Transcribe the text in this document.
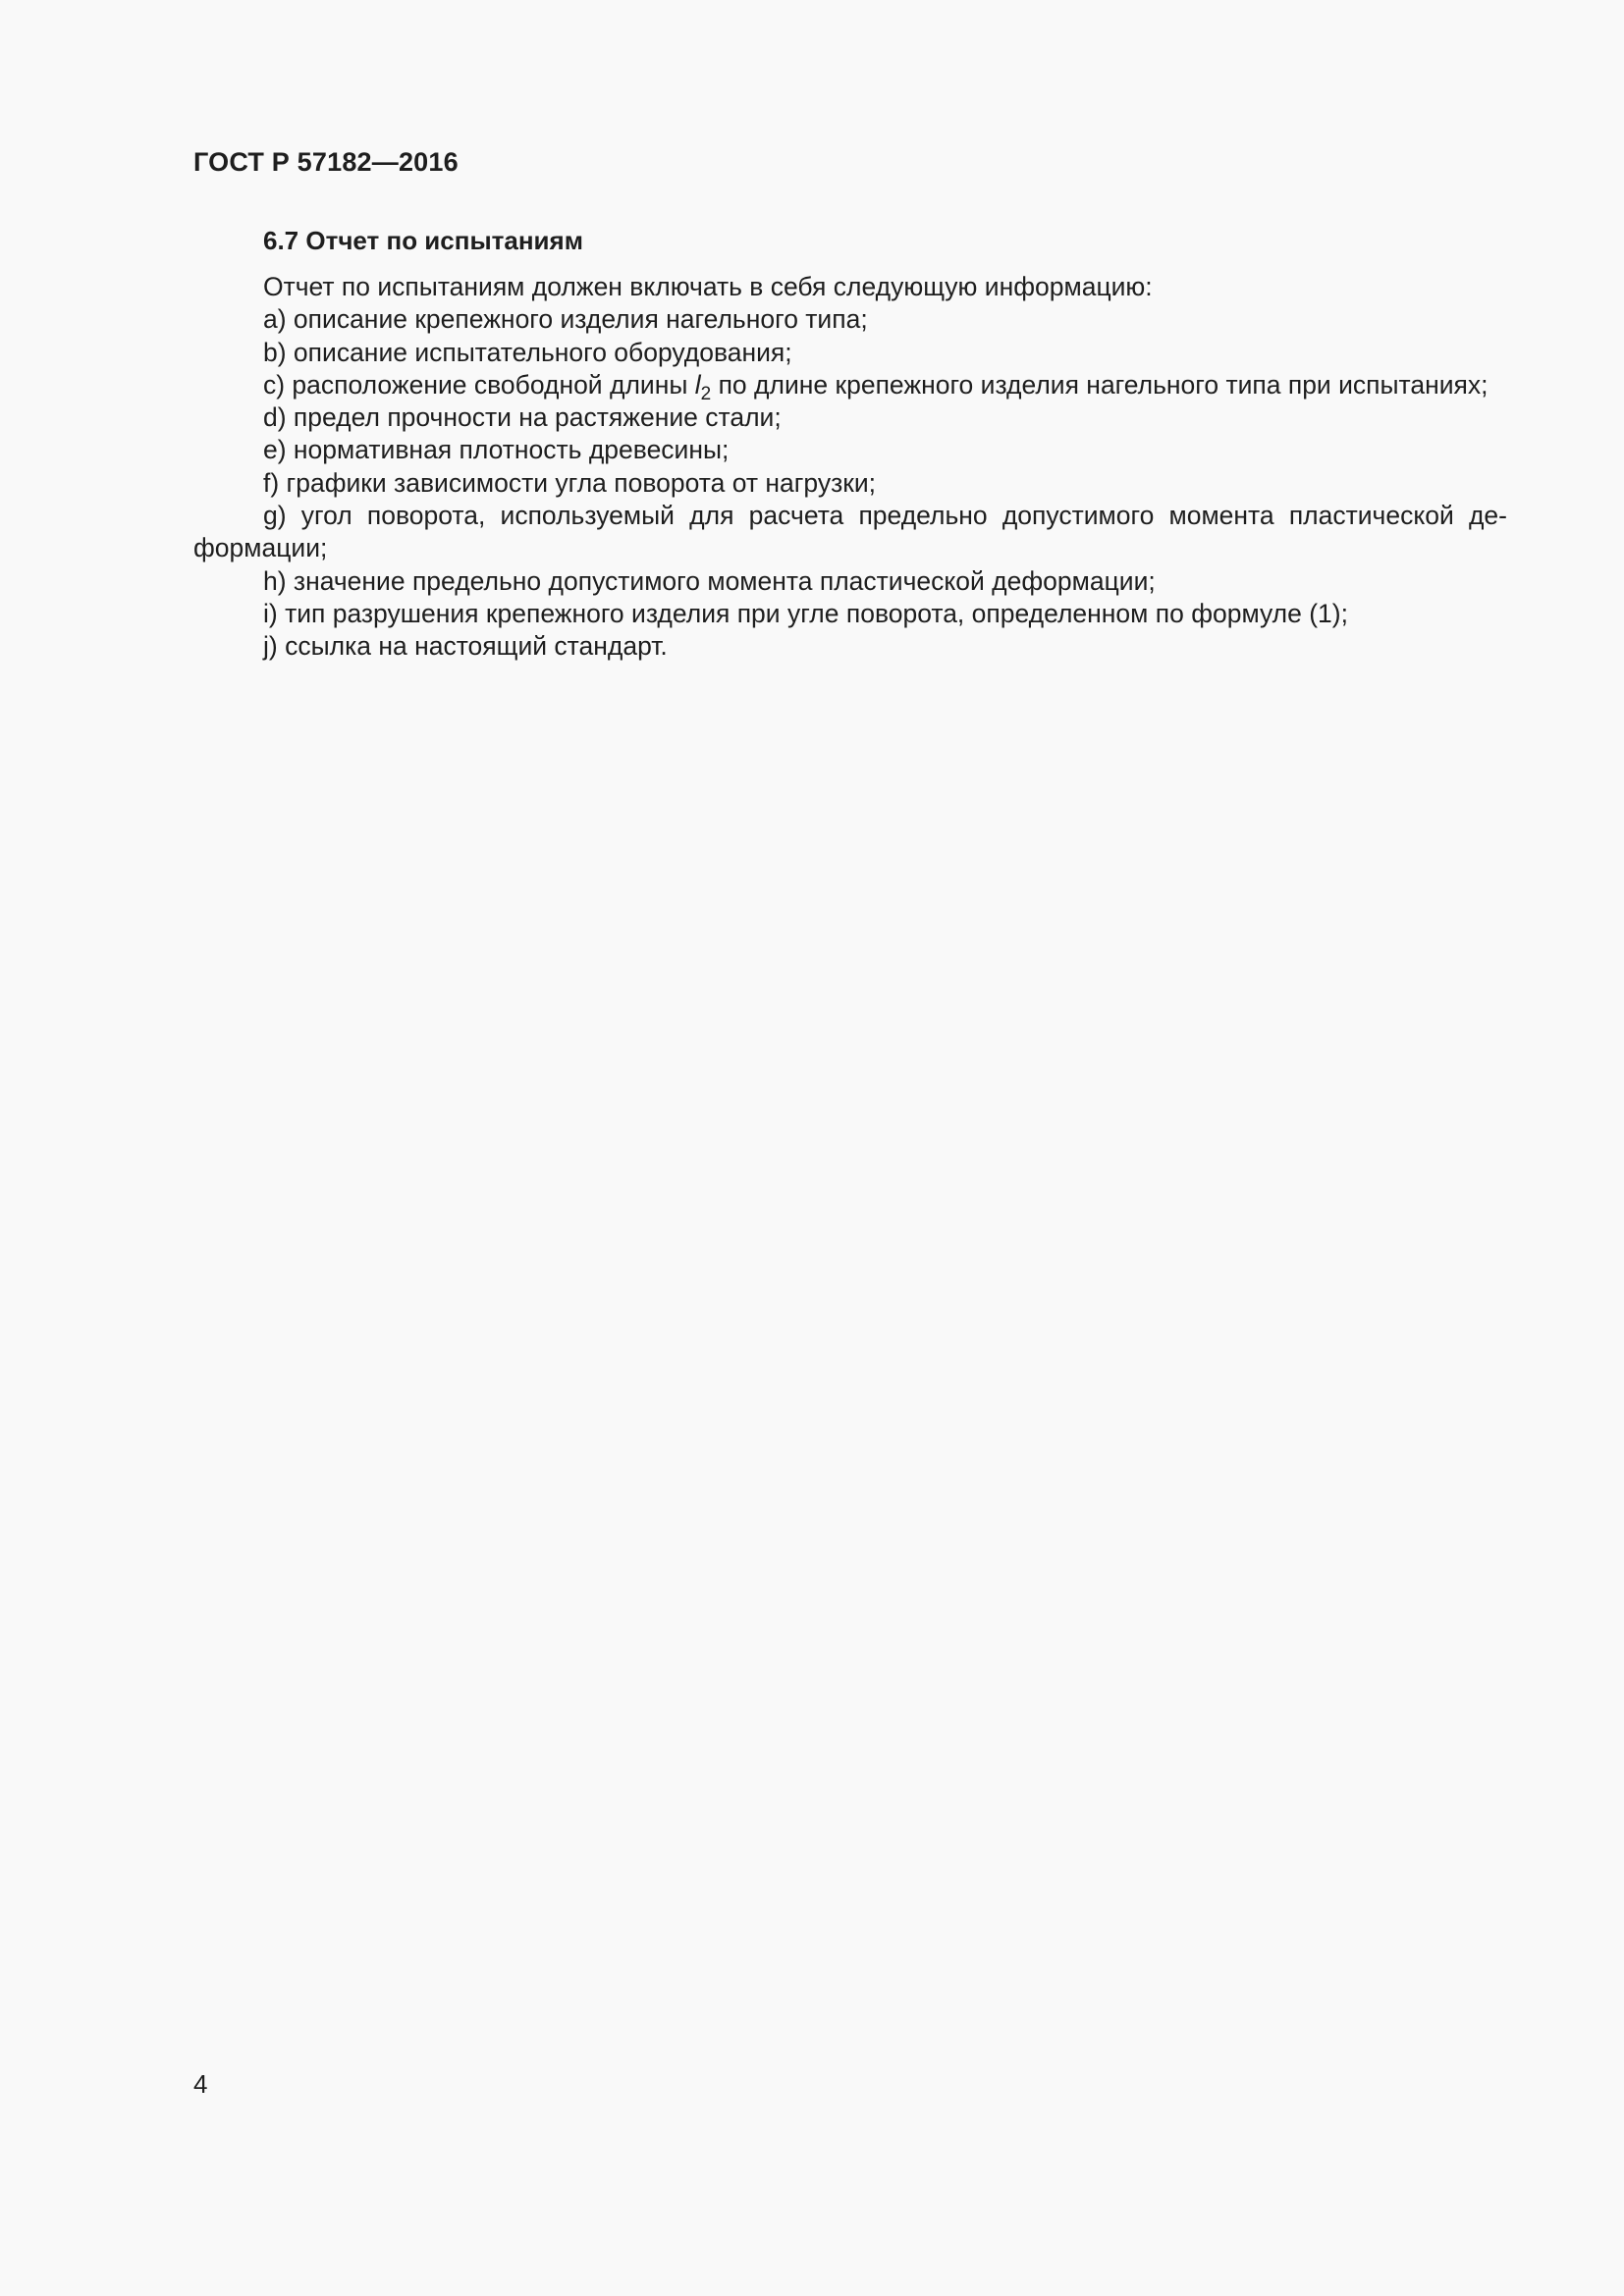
ГОСТ Р 57182—2016
6.7 Отчет по испытаниям

Отчет по испытаниям должен включать в себя следующую информацию:

a) описание крепежного изделия нагельного типа;

b) описание испытательного оборудования;

c) расположение свободной длины $l_2$ по длине крепежного изделия нагельного типа при испытаниях;

d) предел прочности на растяжение стали;

e) нормативная плотность древесины;

f) графики зависимости угла поворота от нагрузки;

g) угол поворота, используемый для расчета предельно допустимого момента пластической деформации;

h) значение предельно допустимого момента пластической деформации;

i) тип разрушения крепежного изделия при угле поворота, определенном по формуле (1);

j) ссылка на настоящий стандарт.

4
